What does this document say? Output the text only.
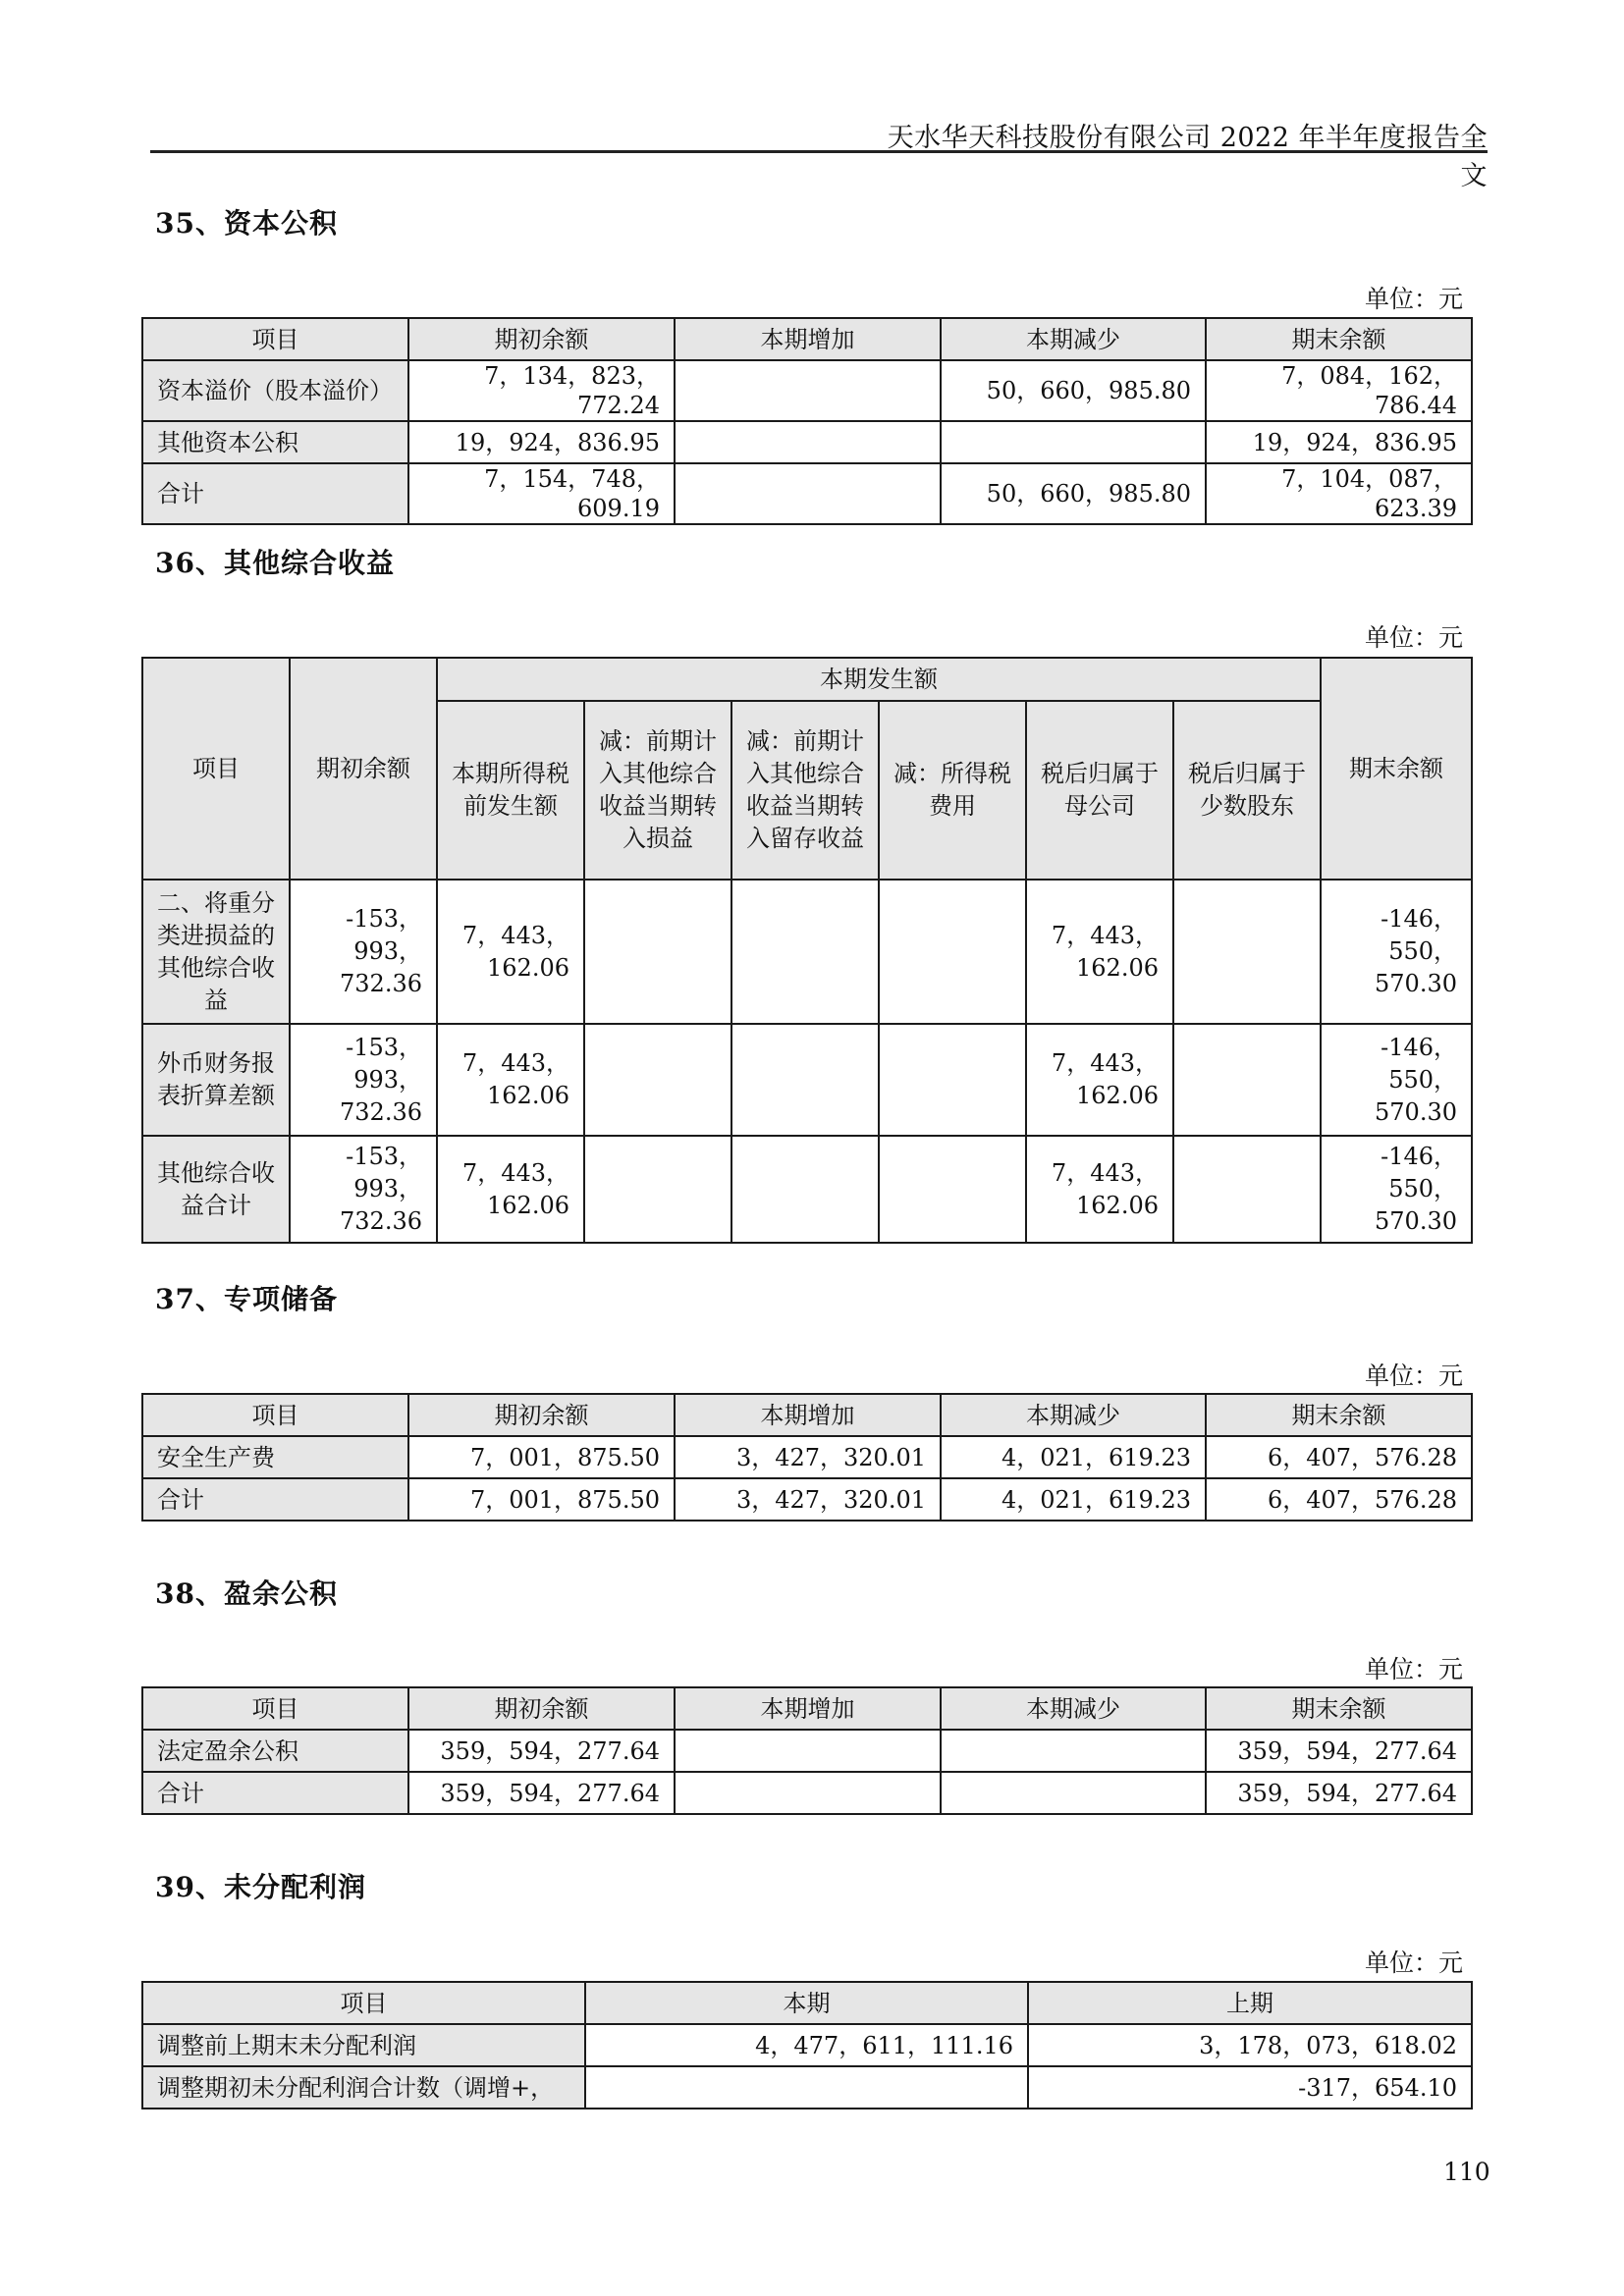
天水华天科技股份有限公司 2022 年半年度报告全文
35、资本公积
单位：元
项目	期初余额	本期增加	本期减少	期末余额
资本溢价（股本溢价）	7，134，823，772.24		50，660，985.80	7，084，162，786.44
其他资本公积	19，924，836.95			19，924，836.95
合计	7，154，748，609.19		50，660，985.80	7，104，087，623.39
36、其他综合收益
单位：元
项目	期初余额	本期发生额						期末余额
		本期所得税前发生额	减：前期计入其他综合收益当期转入损益	减：前期计入其他综合收益当期转入留存收益	减：所得税费用	税后归属于母公司	税后归属于少数股东	
二、将重分类进损益的其他综合收益	-153，993，732.36	7，443，162.06				7，443，162.06		-146，550，570.30
外币财务报表折算差额	-153，993，732.36	7，443，162.06				7，443，162.06		-146，550，570.30
其他综合收益合计	-153，993，732.36	7，443，162.06				7，443，162.06		-146，550，570.30
37、专项储备
单位：元
项目	期初余额	本期增加	本期减少	期末余额
安全生产费	7，001，875.50	3，427，320.01	4，021，619.23	6，407，576.28
合计	7，001，875.50	3，427，320.01	4，021，619.23	6，407，576.28
38、盈余公积
单位：元
项目	期初余额	本期增加	本期减少	期末余额
法定盈余公积	359，594，277.64			359，594，277.64
合计	359，594，277.64			359，594，277.64
39、未分配利润
单位：元
项目	本期	上期
调整前上期末未分配利润	4，477，611，111.16	3，178，073，618.02
调整期初未分配利润合计数（调增+，		-317，654.10
110
